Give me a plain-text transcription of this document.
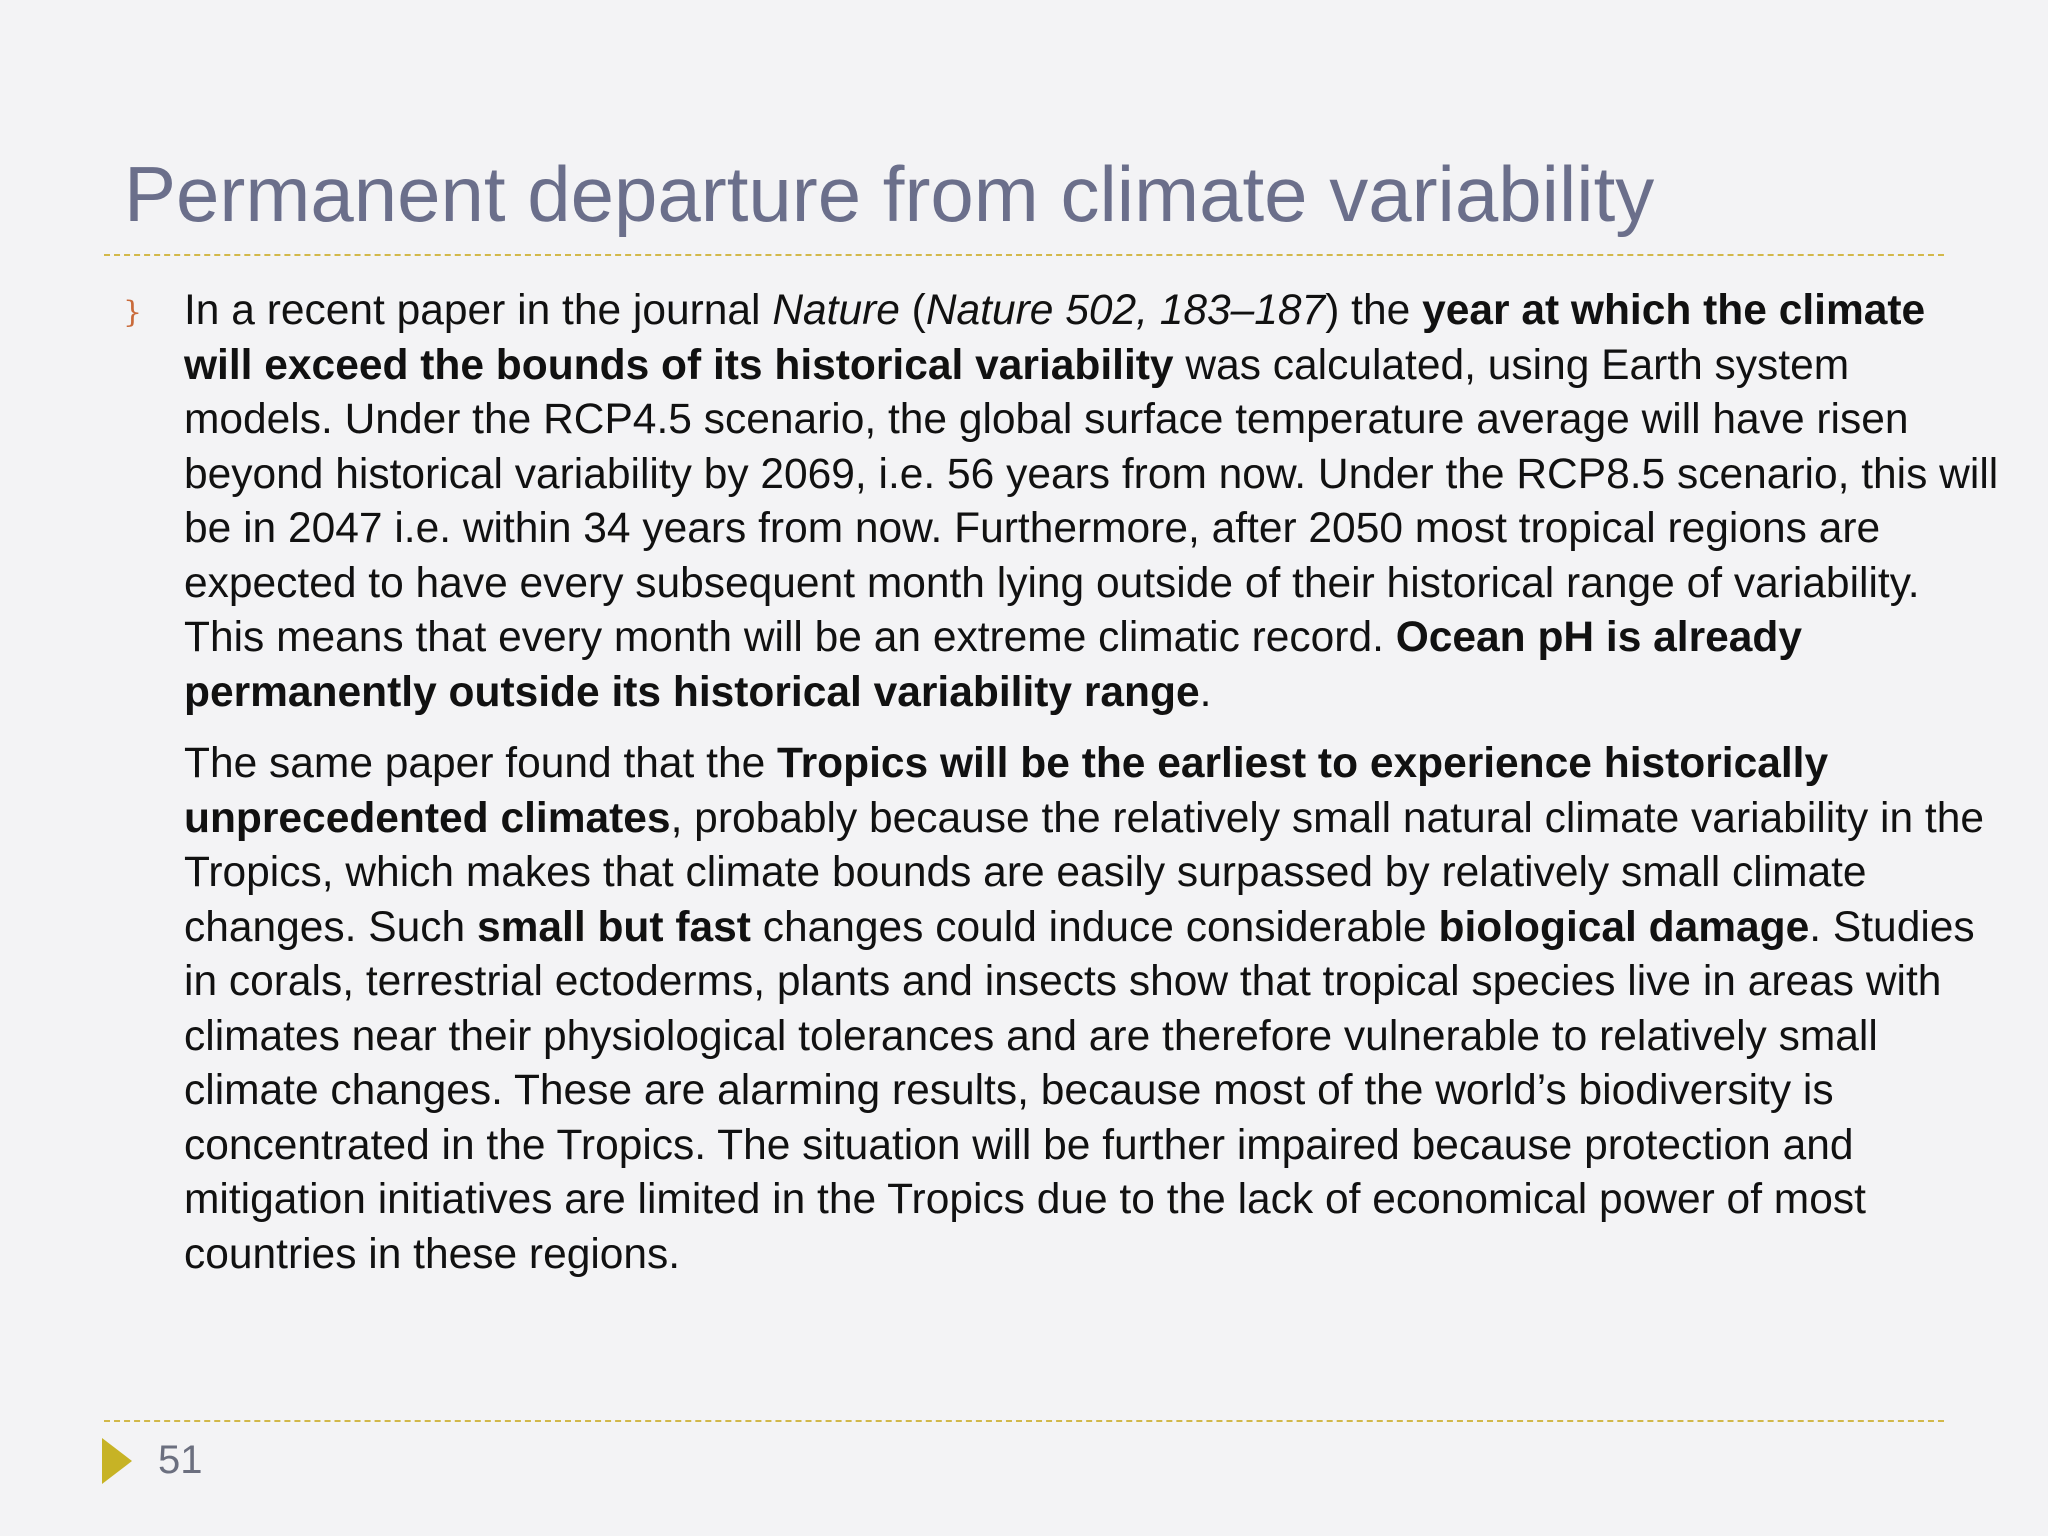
Permanent departure from climate variability
} In a recent paper in the journal Nature (Nature 502, 183–187) the year at which the climate will exceed the bounds of its historical variability was calculated, using Earth system models. Under the RCP4.5 scenario, the global surface temperature average will have risen beyond historical variability by 2069, i.e. 56 years from now. Under the RCP8.5 scenario, this will be in 2047 i.e. within 34 years from now. Furthermore, after 2050 most tropical regions are expected to have every subsequent month lying outside of their historical range of variability. This means that every month will be an extreme climatic record. Ocean pH is already permanently outside its historical variability range.

The same paper found that the Tropics will be the earliest to experience historically unprecedented climates, probably because the relatively small natural climate variability in the Tropics, which makes that climate bounds are easily surpassed by relatively small climate changes. Such small but fast changes could induce considerable biological damage. Studies in corals, terrestrial ectoderms, plants and insects show that tropical species live in areas with climates near their physiological tolerances and are therefore vulnerable to relatively small climate changes. These are alarming results, because most of the world’s biodiversity is concentrated in the Tropics. The situation will be further impaired because protection and mitigation initiatives are limited in the Tropics due to the lack of economical power of most countries in these regions.

51
